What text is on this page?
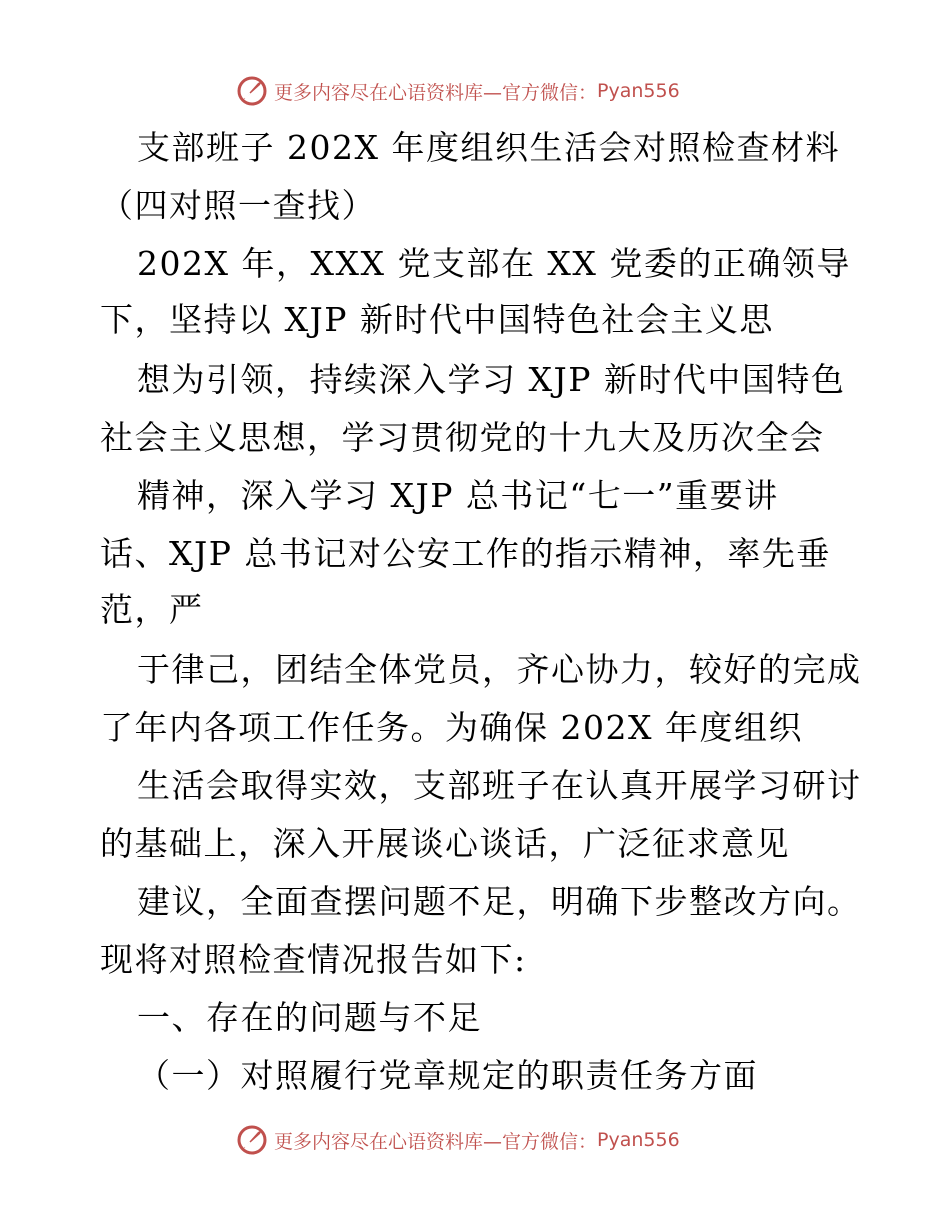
更多内容尽在心语资料库 —官方微信： Pyan556
支部班子 202X 年度组织生活会对照检查材料
（四对照一查找）
202X 年，XXX 党支部在 XX 党委的正确领导
下，坚持以 XJP 新时代中国特色社会主义思
想为引领，持续深入学习 XJP 新时代中国特色
社会主义思想，学习贯彻党的十九大及历次全会
精神，深入学习 XJP 总书记“七一”重要讲
话、XJP 总书记对公安工作的指示精神，率先垂
范，严
于律己，团结全体党员，齐心协力，较好的完成
了年内各项工作任务。为确保 202X 年度组织
生活会取得实效，支部班子在认真开展学习研讨
的基础上，深入开展谈心谈话，广泛征求意见
建议，全面查摆问题不足，明确下步整改方向。
现将对照检查情况报告如下:
一、存在的问题与不足
（一）对照履行党章规定的职责任务方面
更多内容尽在心语资料库 —官方微信： Pyan556
